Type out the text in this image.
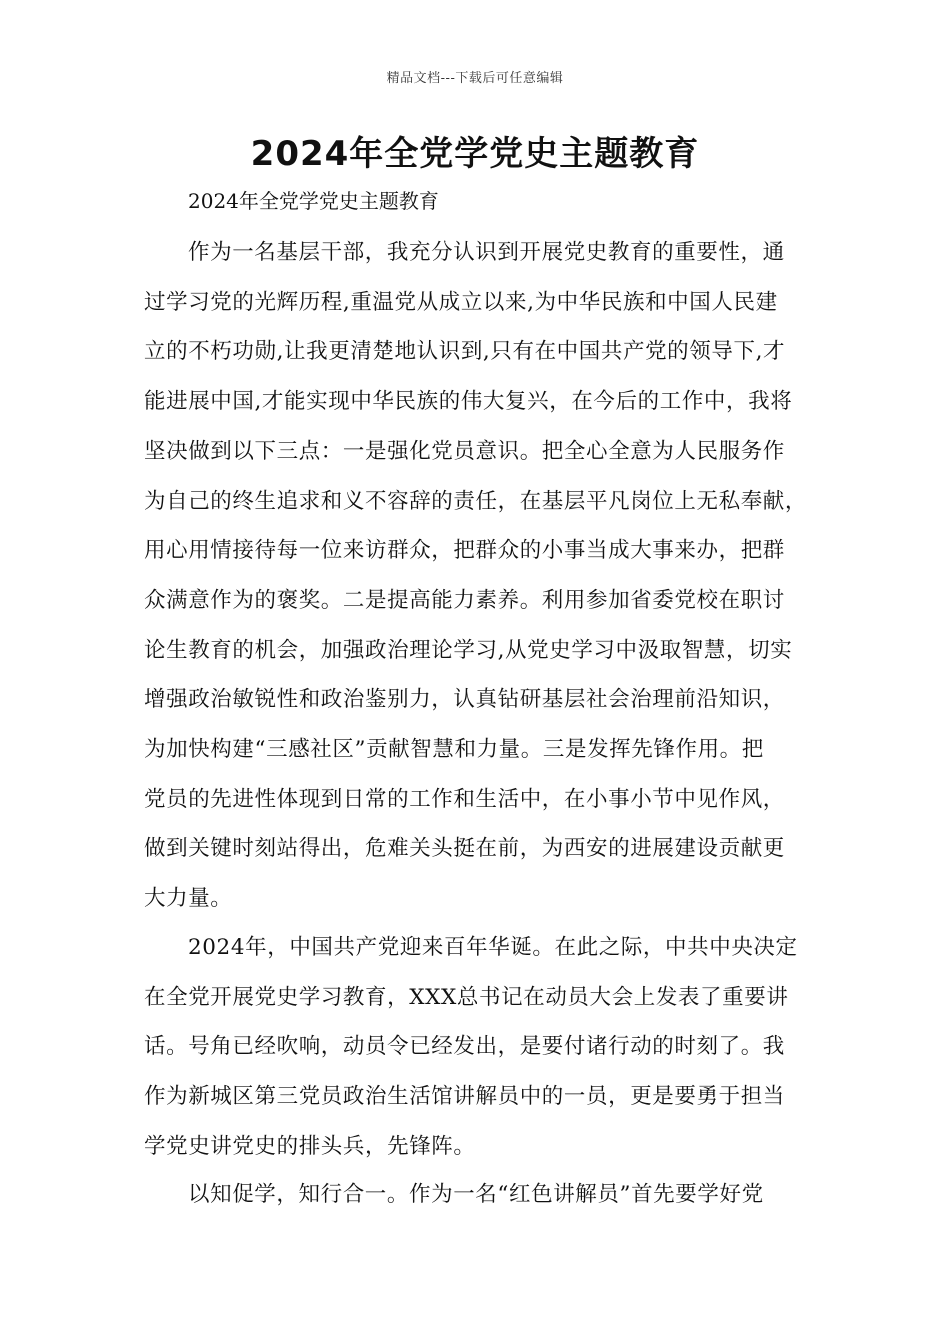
精品文档---下载后可任意编辑
2024年全党学党史主题教育

2024年全党学党史主题教育

作为一名基层干部，我充分认识到开展党史教育的重要性，通
过学习党的光辉历程,重温党从成立以来,为中华民族和中国人民建
立的不朽功勋,让我更清楚地认识到,只有在中国共产党的领导下,才
能进展中国,才能实现中华民族的伟大复兴，在今后的工作中，我将
坚决做到以下三点：一是强化党员意识。把全心全意为人民服务作
为自己的终生追求和义不容辞的责任，在基层平凡岗位上无私奉献，
用心用情接待每一位来访群众，把群众的小事当成大事来办，把群
众满意作为的褒奖。二是提高能力素养。利用参加省委党校在职讨
论生教育的机会，加强政治理论学习,从党史学习中汲取智慧，切实
增强政治敏锐性和政治鉴别力，认真钻研基层社会治理前沿知识，
为加快构建“三感社区”贡献智慧和力量。三是发挥先锋作用。把
党员的先进性体现到日常的工作和生活中，在小事小节中见作风，
做到关键时刻站得出，危难关头挺在前，为西安的进展建设贡献更
大力量。
2024年，中国共产党迎来百年华诞。在此之际，中共中央决定
在全党开展党史学习教育，XXX总书记在动员大会上发表了重要讲
话。号角已经吹响，动员令已经发出，是要付诸行动的时刻了。我
作为新城区第三党员政治生活馆讲解员中的一员，更是要勇于担当
学党史讲党史的排头兵，先锋阵。
以知促学，知行合一。作为一名“红色讲解员”首先要学好党
